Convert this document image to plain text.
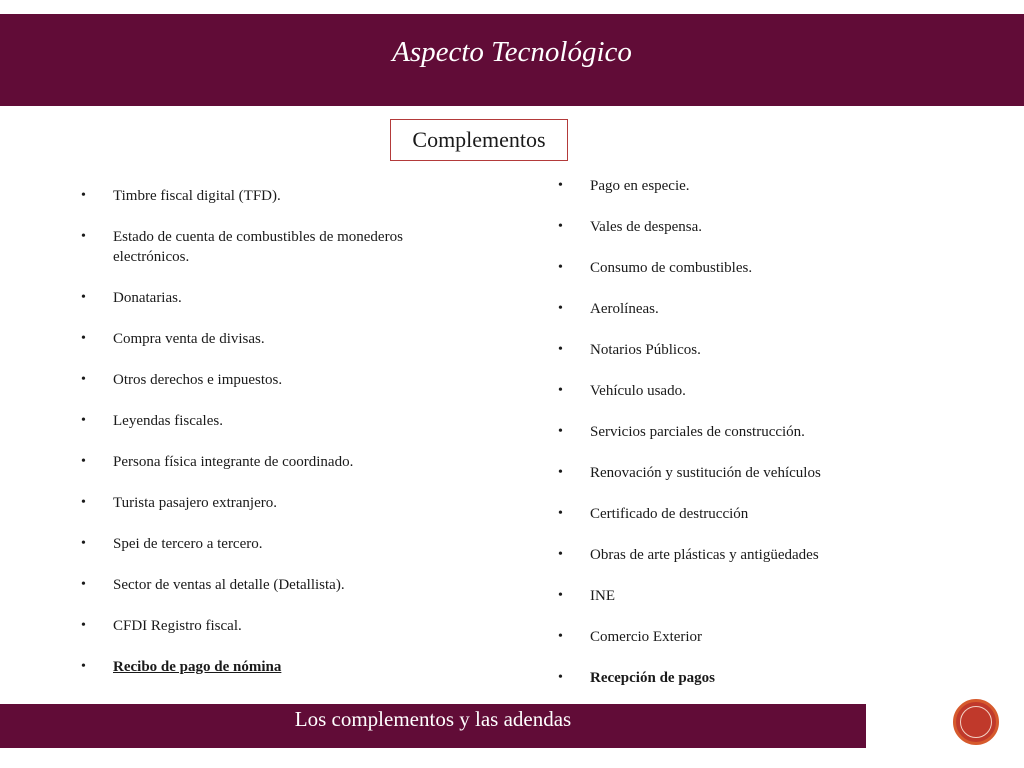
Aspecto Tecnológico
Complementos
• Timbre fiscal digital (TFD).
• Estado de cuenta de combustibles de monederos electrónicos.
• Donatarias.
• Compra venta de divisas.
• Otros derechos e impuestos.
• Leyendas fiscales.
• Persona física integrante de coordinado.
• Turista pasajero extranjero.
• Spei de tercero a tercero.
• Sector de ventas al detalle (Detallista).
• CFDI Registro fiscal.
• Recibo de pago de nómina
• Pago en especie.
• Vales de despensa.
• Consumo de combustibles.
• Aerolíneas.
• Notarios Públicos.
• Vehículo usado.
• Servicios parciales de construcción.
• Renovación y sustitución de vehículos
• Certificado de destrucción
• Obras de arte plásticas y antigüedades
• INE
• Comercio Exterior
• Recepción de pagos

Los complementos y las adendas
